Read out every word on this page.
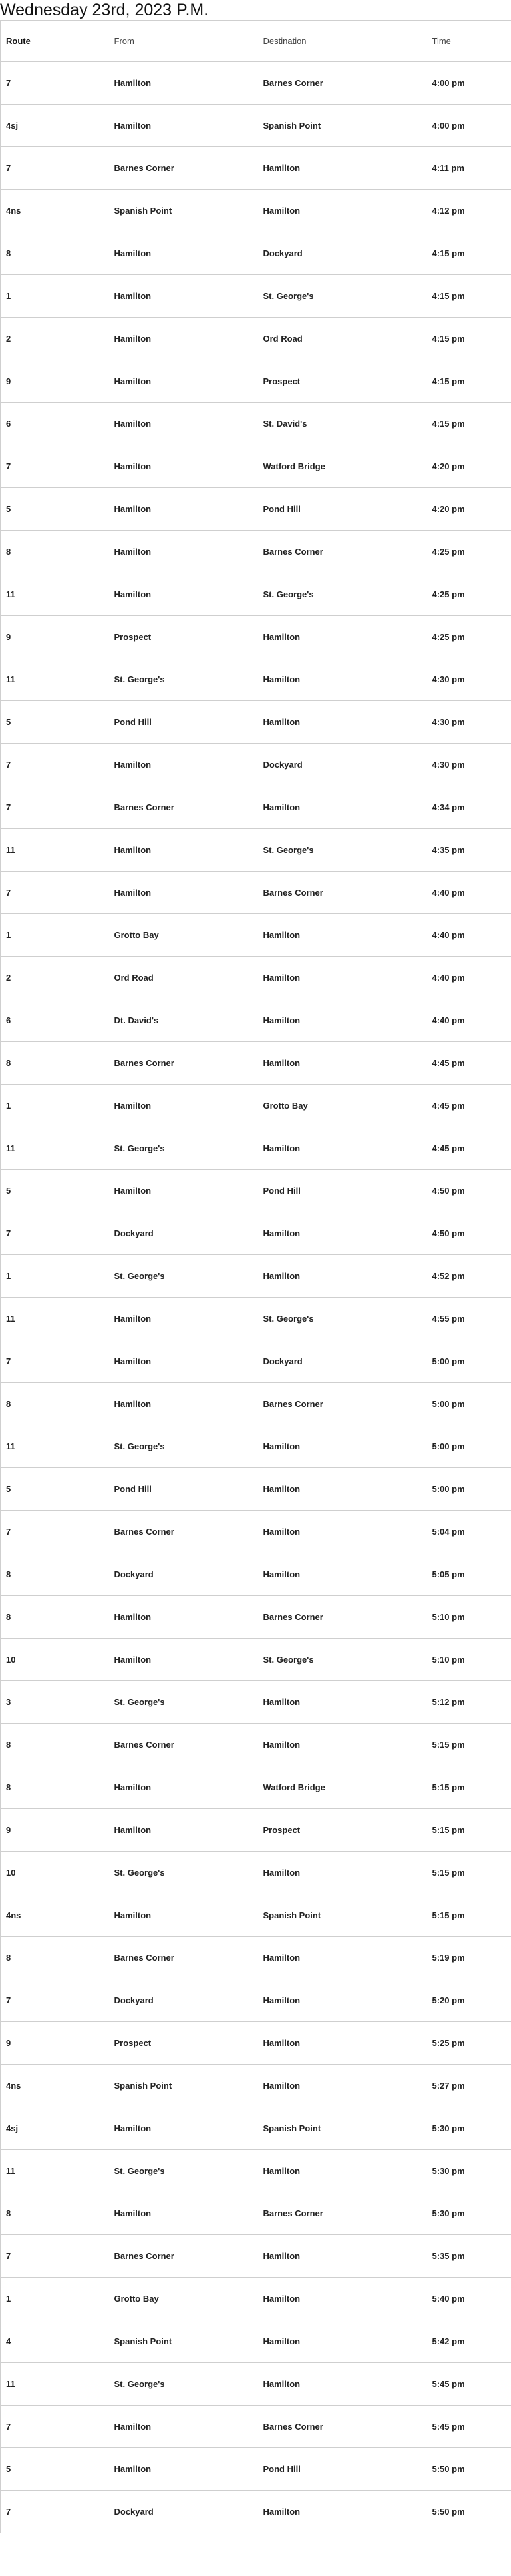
Wednesday 23rd, 2023 P.M.
Route	From	Destination	Time
7	Hamilton	Barnes Corner	4:00 pm
4sj	Hamilton	Spanish Point	4:00 pm
7	Barnes Corner	Hamilton	4:11 pm
4ns	Spanish Point	Hamilton	4:12 pm
8	Hamilton	Dockyard	4:15 pm
1	Hamilton	St. George's	4:15 pm
2	Hamilton	Ord Road	4:15 pm
9	Hamilton	Prospect	4:15 pm
6	Hamilton	St. David's	4:15 pm
7	Hamilton	Watford Bridge	4:20 pm
5	Hamilton	Pond Hill	4:20 pm
8	Hamilton	Barnes Corner	4:25 pm
11	Hamilton	St. George's	4:25 pm
9	Prospect	Hamilton	4:25 pm
11	St. George's	Hamilton	4:30 pm
5	Pond Hill	Hamilton	4:30 pm
7	Hamilton	Dockyard	4:30 pm
7	Barnes Corner	Hamilton	4:34 pm
11	Hamilton	St. George's	4:35 pm
7	Hamilton	Barnes Corner	4:40 pm
1	Grotto Bay	Hamilton	4:40 pm
2	Ord Road	Hamilton	4:40 pm
6	Dt. David's	Hamilton	4:40 pm
8	Barnes Corner	Hamilton	4:45 pm
1	Hamilton	Grotto Bay	4:45 pm
11	St. George's	Hamilton	4:45 pm
5	Hamilton	Pond Hill	4:50 pm
7	Dockyard	Hamilton	4:50 pm
1	St. George's	Hamilton	4:52 pm
11	Hamilton	St. George's	4:55 pm
7	Hamilton	Dockyard	5:00 pm
8	Hamilton	Barnes Corner	5:00 pm
11	St. George's	Hamilton	5:00 pm
5	Pond Hill	Hamilton	5:00 pm
7	Barnes Corner	Hamilton	5:04 pm
8	Dockyard	Hamilton	5:05 pm
8	Hamilton	Barnes Corner	5:10 pm
10	Hamilton	St. George's	5:10 pm
3	St. George's	Hamilton	5:12 pm
8	Barnes Corner	Hamilton	5:15 pm
8	Hamilton	Watford Bridge	5:15 pm
9	Hamilton	Prospect	5:15 pm
10	St. George's	Hamilton	5:15 pm
4ns	Hamilton	Spanish Point	5:15 pm
8	Barnes Corner	Hamilton	5:19 pm
7	Dockyard	Hamilton	5:20 pm
9	Prospect	Hamilton	5:25 pm
4ns	Spanish Point	Hamilton	5:27 pm
4sj	Hamilton	Spanish Point	5:30 pm
11	St. George's	Hamilton	5:30 pm
8	Hamilton	Barnes Corner	5:30 pm
7	Barnes Corner	Hamilton	5:35 pm
1	Grotto Bay	Hamilton	5:40 pm
4	Spanish Point	Hamilton	5:42 pm
11	St. George's	Hamilton	5:45 pm
7	Hamilton	Barnes Corner	5:45 pm
5	Hamilton	Pond Hill	5:50 pm
7	Dockyard	Hamilton	5:50 pm
